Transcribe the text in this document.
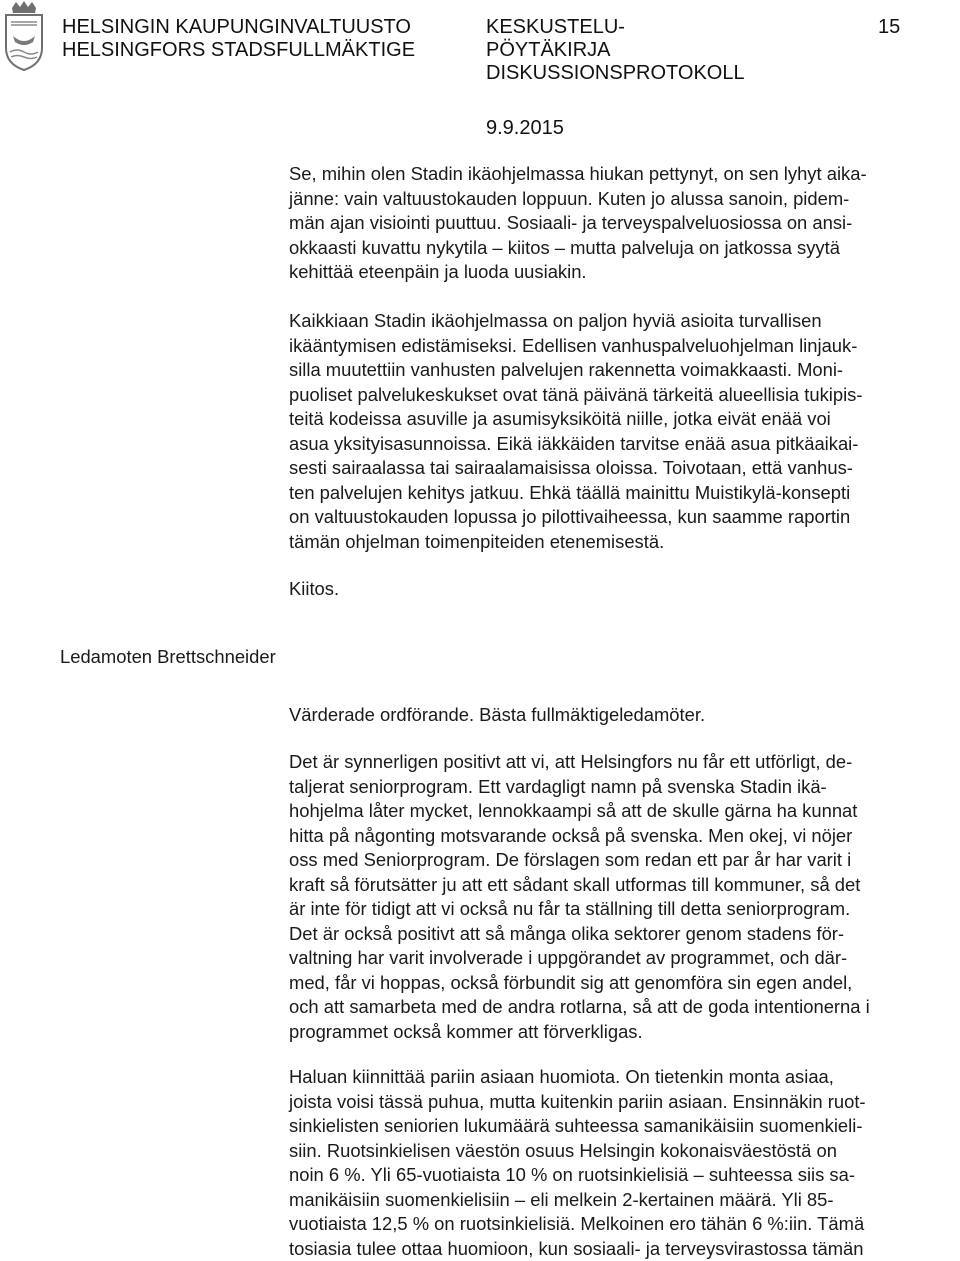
HELSINGIN KAUPUNGINVALTUUSTO
HELSINGFORS STADSFULLMÄKTIGE
KESKUSTELU-
PÖYTÄKIRJA
DISKUSSIONSPROTOKOLL
9.9.2015
15
Se, mihin olen Stadin ikäohjelmassa hiukan pettynyt, on sen lyhyt aika-
jänne: vain valtuustokauden loppuun. Kuten jo alussa sanoin, pidem-
män ajan visiointi puuttuu. Sosiaali- ja terveyspalveluosiossa on ansi-
okkaasti kuvattu nykytila – kiitos – mutta palveluja on jatkossa syytä
kehittää eteenpäin ja luoda uusiakin.
Kaikkiaan Stadin ikäohjelmassa on paljon hyviä asioita turvallisen
ikääntymisen edistämiseksi. Edellisen vanhuspalveluohjelman linjauk-
silla muutettiin vanhusten palvelujen rakennetta voimakkaasti. Moni-
puoliset palvelukeskukset ovat tänä päivänä tärkeitä alueellisia tukipis-
teitä kodeissa asuville ja asumisyksiköitä niille, jotka eivät enää voi
asua yksityisasunnoissa. Eikä iäkkäiden tarvitse enää asua pitkäaikai-
sesti sairaalassa tai sairaalamaisissa oloissa. Toivotaan, että vanhus-
ten palvelujen kehitys jatkuu. Ehkä täällä mainittu Muistikylä-konsepti
on valtuustokauden lopussa jo pilottivaiheessa, kun saamme raportin
tämän ohjelman toimenpiteiden etenemisestä.
Kiitos.
Ledamoten Brettschneider
Värderade ordförande. Bästa fullmäktigeledamöter.
Det är synnerligen positivt att vi, att Helsingfors nu får ett utförligt, de-
taljerat seniorprogram. Ett vardagligt namn på svenska Stadin ikä-
hohjelma låter mycket, lennokkaampi så att de skulle gärna ha kunnat
hitta på någonting motsvarande också på svenska. Men okej, vi nöjer
oss med Seniorprogram. De förslagen som redan ett par år har varit i
kraft så förutsätter ju att ett sådant skall utformas till kommuner, så det
är inte för tidigt att vi också nu får ta ställning till detta seniorprogram.
Det är också positivt att så många olika sektorer genom stadens för-
valtning har varit involverade i uppgörandet av programmet, och där-
med, får vi hoppas, också förbundit sig att genomföra sin egen andel,
och att samarbeta med de andra rotlarna, så att de goda intentionerna i
programmet också kommer att förverkligas.
Haluan kiinnittää pariin asiaan huomiota. On tietenkin monta asiaa,
joista voisi tässä puhua, mutta kuitenkin pariin asiaan. Ensinnäkin ruot-
sinkielisten seniorien lukumäärä suhteessa samanikäisiin suomenkieli-
siin. Ruotsinkielisen väestön osuus Helsingin kokonaisväestöstä on
noin 6 %. Yli 65-vuotiaista 10 % on ruotsinkielisiä – suhteessa siis sa-
manikäisiin suomenkielisiin – eli melkein 2-kertainen määrä. Yli 85-
vuotiaista 12,5 % on ruotsinkielisiä. Melkoinen ero tähän 6 %:iin. Tämä
tosiasia tulee ottaa huomioon, kun sosiaali- ja terveysvirastossa tämän
